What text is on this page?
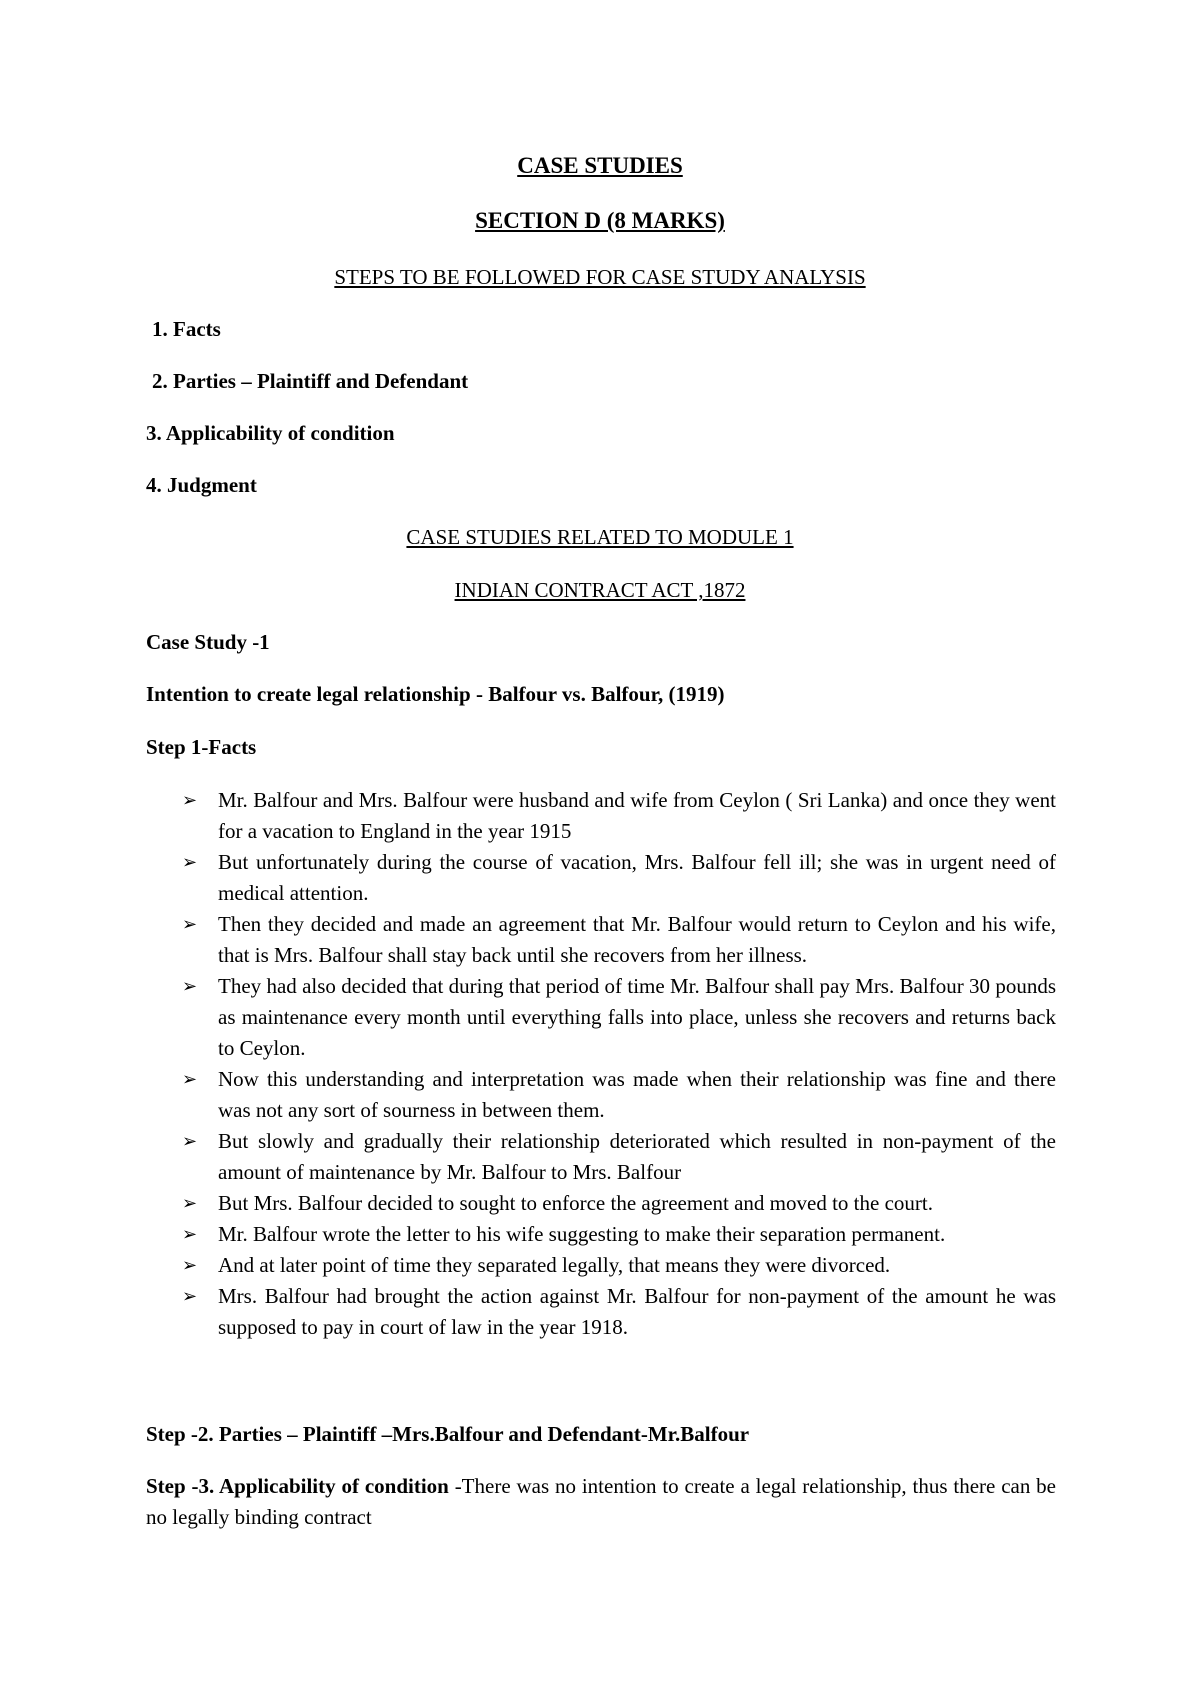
CASE STUDIES
SECTION D (8 MARKS)
STEPS TO BE FOLLOWED FOR CASE STUDY ANALYSIS
1. Facts
2. Parties – Plaintiff and Defendant
3. Applicability of condition
4. Judgment
CASE STUDIES RELATED TO MODULE 1
INDIAN CONTRACT ACT ,1872
Case Study -1
Intention to create legal relationship - Balfour vs. Balfour, (1919)
Step 1-Facts
➢ Mr. Balfour and Mrs. Balfour were husband and wife from Ceylon ( Sri Lanka) and once they went for a vacation to England in the year 1915
➢ But unfortunately during the course of vacation, Mrs. Balfour fell ill; she was in urgent need of medical attention.
➢ Then they decided and made an agreement that Mr. Balfour would return to Ceylon and his wife, that is Mrs. Balfour shall stay back until she recovers from her illness.
➢ They had also decided that during that period of time Mr. Balfour shall pay Mrs. Balfour 30 pounds as maintenance every month until everything falls into place, unless she recovers and returns back to Ceylon.
➢ Now this understanding and interpretation was made when their relationship was fine and there was not any sort of sourness in between them.
➢ But slowly and gradually their relationship deteriorated which resulted in non-payment of the amount of maintenance by Mr. Balfour to Mrs. Balfour
➢ But Mrs. Balfour decided to sought to enforce the agreement and moved to the court.
➢ Mr. Balfour wrote the letter to his wife suggesting to make their separation permanent.
➢ And at later point of time they separated legally, that means they were divorced.
➢ Mrs. Balfour had brought the action against Mr. Balfour for non-payment of the amount he was supposed to pay in court of law in the year 1918.
Step -2. Parties – Plaintiff –Mrs.Balfour and Defendant-Mr.Balfour
Step -3. Applicability of condition -There was no intention to create a legal relationship, thus there can be no legally binding contract
